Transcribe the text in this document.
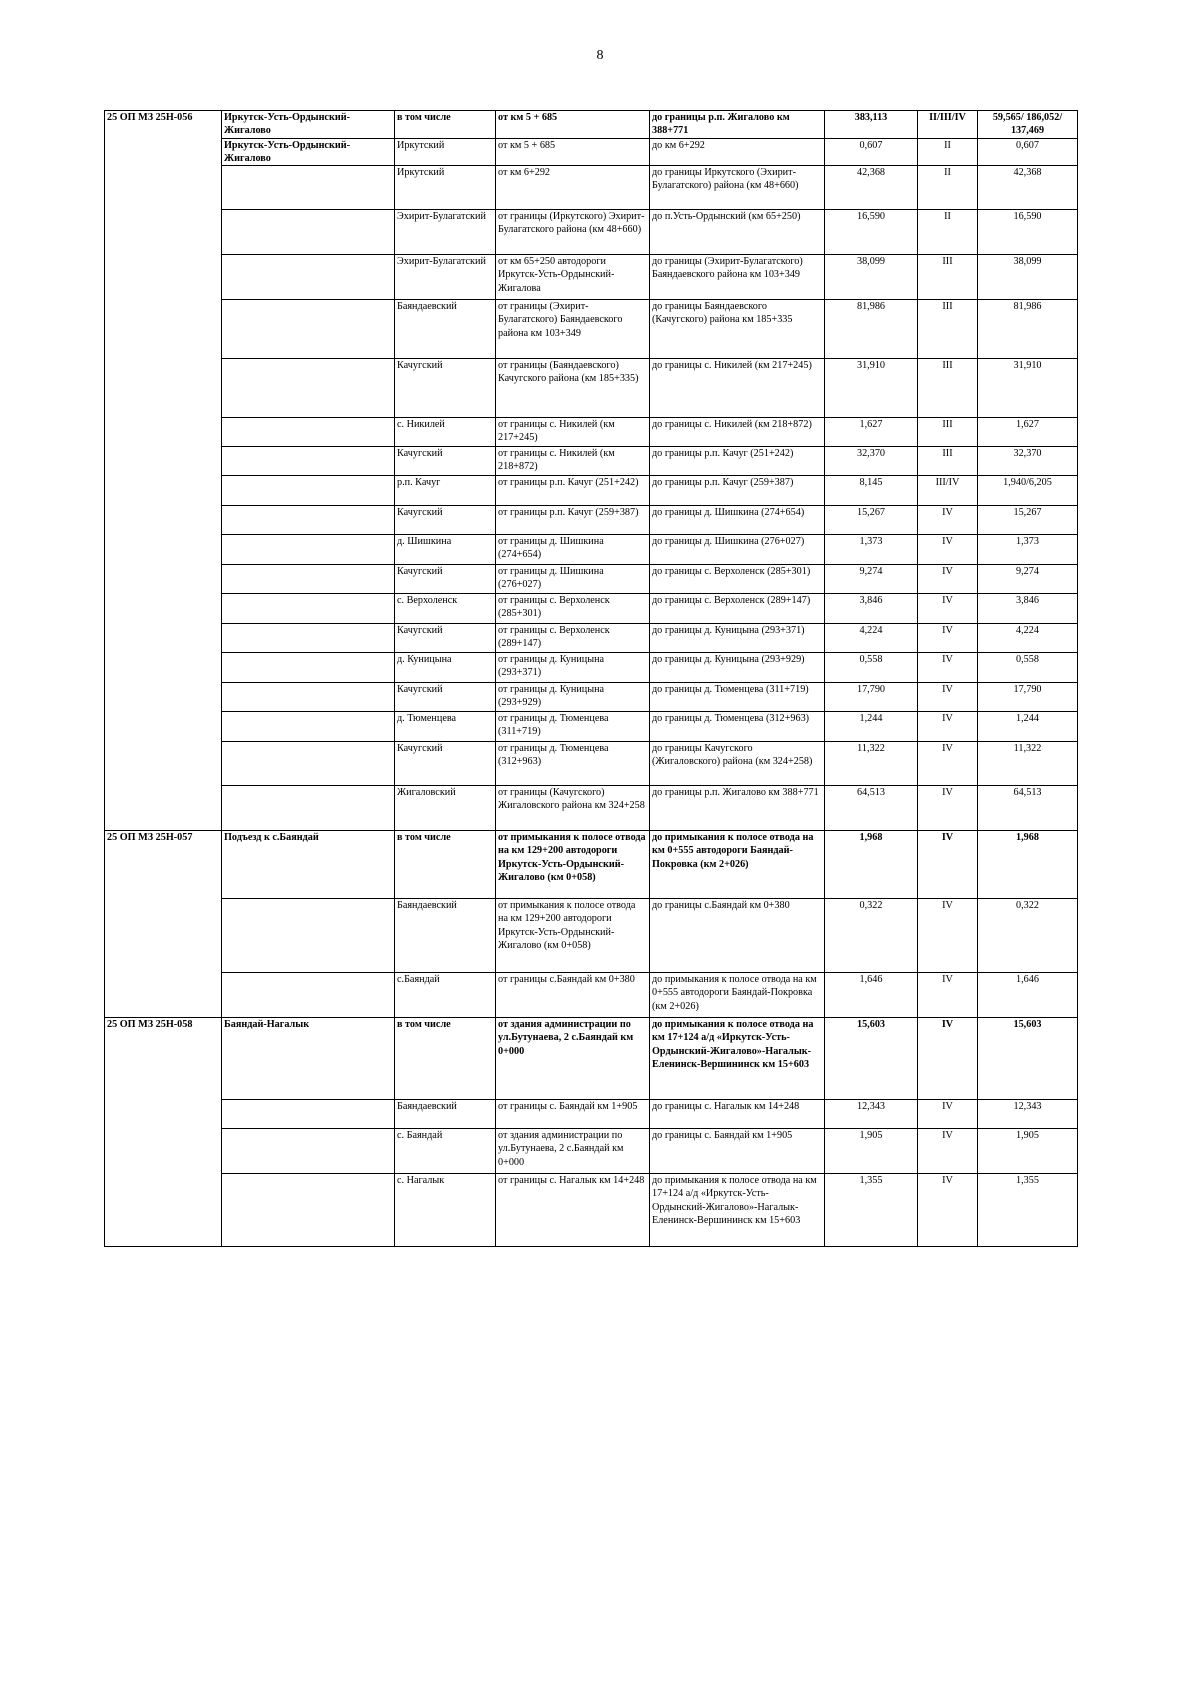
8
25 ОП МЗ 25Н-056	Иркутск-Усть-Ордынский-Жигалово	в том числе	от км 5 + 685	до границы р.п. Жигалово км 388+771	383,113	II/III/IV	59,565/ 186,052/ 137,469
	Иркутск-Усть-Ордынский-Жигалово	Иркутский	от км 5 + 685	до км 6+292	0,607	II	0,607
		Иркутский	от км 6+292	до границы Иркутского (Эхирит-Булагатского) района (км 48+660)	42,368	II	42,368
		Эхирит-Булагатский	от границы (Иркутского) Эхирит-Булагатского района (км 48+660)	до п.Усть-Ордынский (км 65+250)	16,590	II	16,590
		Эхирит-Булагатский	от км 65+250 автодороги Иркутск-Усть-Ордынский-Жигалова	до границы (Эхирит-Булагатского) Баяндаевского района км 103+349	38,099	III	38,099
		Баяндаевский	от границы (Эхирит-Булагатского) Баяндаевского района км 103+349	до границы Баяндаевского (Качугского) района км 185+335	81,986	III	81,986
		Качугский	от границы (Баяндаевского) Качугского района (км 185+335)	до границы с. Никилей (км 217+245)	31,910	III	31,910
		с. Никилей	от границы с. Никилей (км 217+245)	до границы с. Никилей (км 218+872)	1,627	III	1,627
		Качугский	от границы с. Никилей (км 218+872)	до границы р.п. Качуг (251+242)	32,370	III	32,370
		р.п. Качуг	от границы р.п. Качуг (251+242)	до границы р.п. Качуг (259+387)	8,145	III/IV	1,940/6,205
		Качугский	от границы р.п. Качуг (259+387)	до границы д. Шишкина (274+654)	15,267	IV	15,267
		д. Шишкина	от границы д. Шишкина (274+654)	до границы д. Шишкина (276+027)	1,373	IV	1,373
		Качугский	от границы д. Шишкина (276+027)	до границы с. Верхоленск (285+301)	9,274	IV	9,274
		с. Верхоленск	от границы с. Верхоленск (285+301)	до границы с. Верхоленск (289+147)	3,846	IV	3,846
		Качугский	от границы с. Верхоленск (289+147)	до границы д. Куницына (293+371)	4,224	IV	4,224
		д. Куницына	от границы д. Куницына (293+371)	до границы д. Куницына (293+929)	0,558	IV	0,558
		Качугский	от границы д. Куницына (293+929)	до границы д. Тюменцева (311+719)	17,790	IV	17,790
		д. Тюменцева	от границы д. Тюменцева (311+719)	до границы д. Тюменцева (312+963)	1,244	IV	1,244
		Качугский	от границы д. Тюменцева (312+963)	до границы Качугского (Жигаловского) района (км 324+258)	11,322	IV	11,322
		Жигаловский	от границы (Качугского) Жигаловского района км 324+258	до границы р.п. Жигалово км 388+771	64,513	IV	64,513
25 ОП МЗ 25Н-057	Подъезд к с.Баяндай	в том числе	от примыкания к полосе отвода на км 129+200 автодороги Иркутск-Усть-Ордынский-Жигалово (км 0+058)	до примыкания к полосе отвода на км 0+555 автодороги Баяндай-Покровка (км 2+026)	1,968	IV	1,968
		Баяндаевский	от примыкания к полосе отвода на км 129+200 автодороги Иркутск-Усть-Ордынский-Жигалово (км 0+058)	до границы с.Баяндай км 0+380	0,322	IV	0,322
		с.Баяндай	от границы с.Баяндай км 0+380	до примыкания к полосе отвода на км 0+555 автодороги Баяндай-Покровка (км 2+026)	1,646	IV	1,646
25 ОП МЗ 25Н-058	Баяндай-Нагалык	в том числе	от здания администрации по ул.Бутунаева, 2 с.Баяндай км 0+000	до примыкания к полосе отвода на км 17+124 а/д «Иркутск-Усть-Ордынский-Жигалово»-Нагалык-Еленинск-Вершининск км 15+603	15,603	IV	15,603
		Баяндаевский	от границы с. Баяндай км 1+905	до границы с. Нагалык км 14+248	12,343	IV	12,343
		с. Баяндай	от здания администрации по ул.Бутунаева, 2 с.Баяндай км 0+000	до границы с. Баяндай км 1+905	1,905	IV	1,905
		с. Нагалык	от границы с. Нагалык км 14+248	до примыкания к полосе отвода на км 17+124 а/д «Иркутск-Усть-Ордынский-Жигалово»-Нагалык-Еленинск-Вершининск км 15+603	1,355	IV	1,355
